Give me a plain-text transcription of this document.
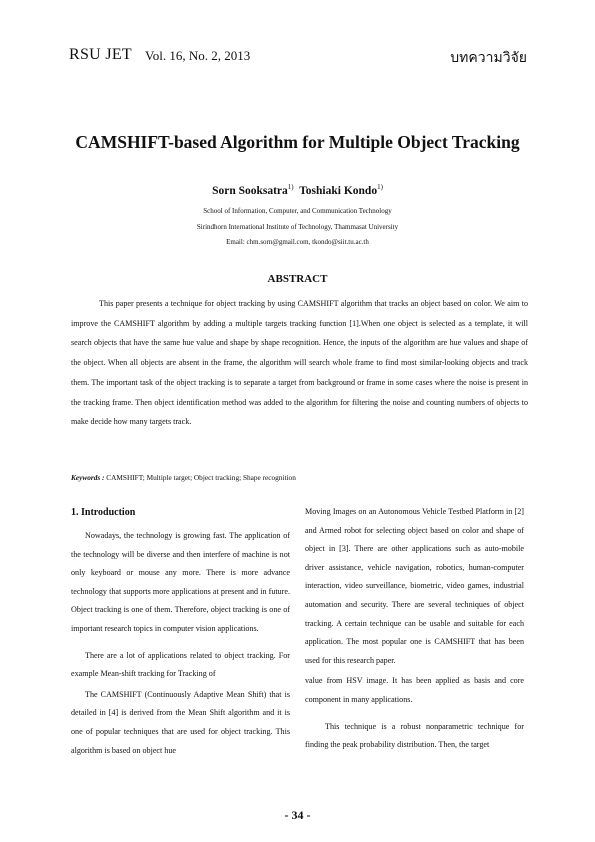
RSU JET Vol. 16, No. 2, 2013	บทความวิจัย
CAMSHIFT-based Algorithm for Multiple Object Tracking
Sorn Sooksatra$^{1)}$ Toshiaki Kondo$^{1)}$
School of Information, Computer, and Communication Technology
Sirindhorn International Institute of Technology, Thammasat University
Email: chm.sorn@gmail.com, tkondo@siit.tu.ac.th
ABSTRACT
This paper presents a technique for object tracking by using CAMSHIFT algorithm that tracks an object based on color. We aim to improve the CAMSHIFT algorithm by adding a multiple targets tracking function [1].When one object is selected as a template, it will search objects that have the same hue value and shape by shape recognition. Hence, the inputs of the algorithm are hue values and shape of the object. When all objects are absent in the frame, the algorithm will search whole frame to find most similar-looking objects and track them. The important task of the object tracking is to separate a target from background or frame in some cases where the noise is present in the tracking frame. Then object identification method was added to the algorithm for filtering the noise and counting numbers of objects to make decide how many targets track.
Keywords : CAMSHIFT; Multiple target; Object tracking; Shape recognition
1. Introduction

Nowadays, the technology is growing fast. The application of the technology will be diverse and then interfere of machine is not only keyboard or mouse any more. There is more advance technology that supports more applications at present and in future. Object tracking is one of them. Therefore, object tracking is one of important research topics in computer vision applications.

There are a lot of applications related to object tracking. For example Mean-shift tracking for Tracking of

The CAMSHIFT (Continuously Adaptive Mean Shift) that is detailed in [4] is derived from the Mean Shift algorithm and it is one of popular techniques that are used for object tracking. This algorithm is based on object hue

Moving Images on an Autonomous Vehicle Testbed Platform in [2] and Armed robot for selecting object based on color and shape of object in [3]. There are other applications such as auto-mobile driver assistance, vehicle navigation, robotics, human-computer interaction, video surveillance, biometric, video games, industrial automation and security. There are several techniques of object tracking. A certain technique can be usable and suitable for each application. The most popular one is CAMSHIFT that has been used for this research paper.

value from HSV image. It has been applied as basis and core component in many applications.

This technique is a robust nonparametric technique for finding the peak probability distribution. Then, the target

- 34 -
